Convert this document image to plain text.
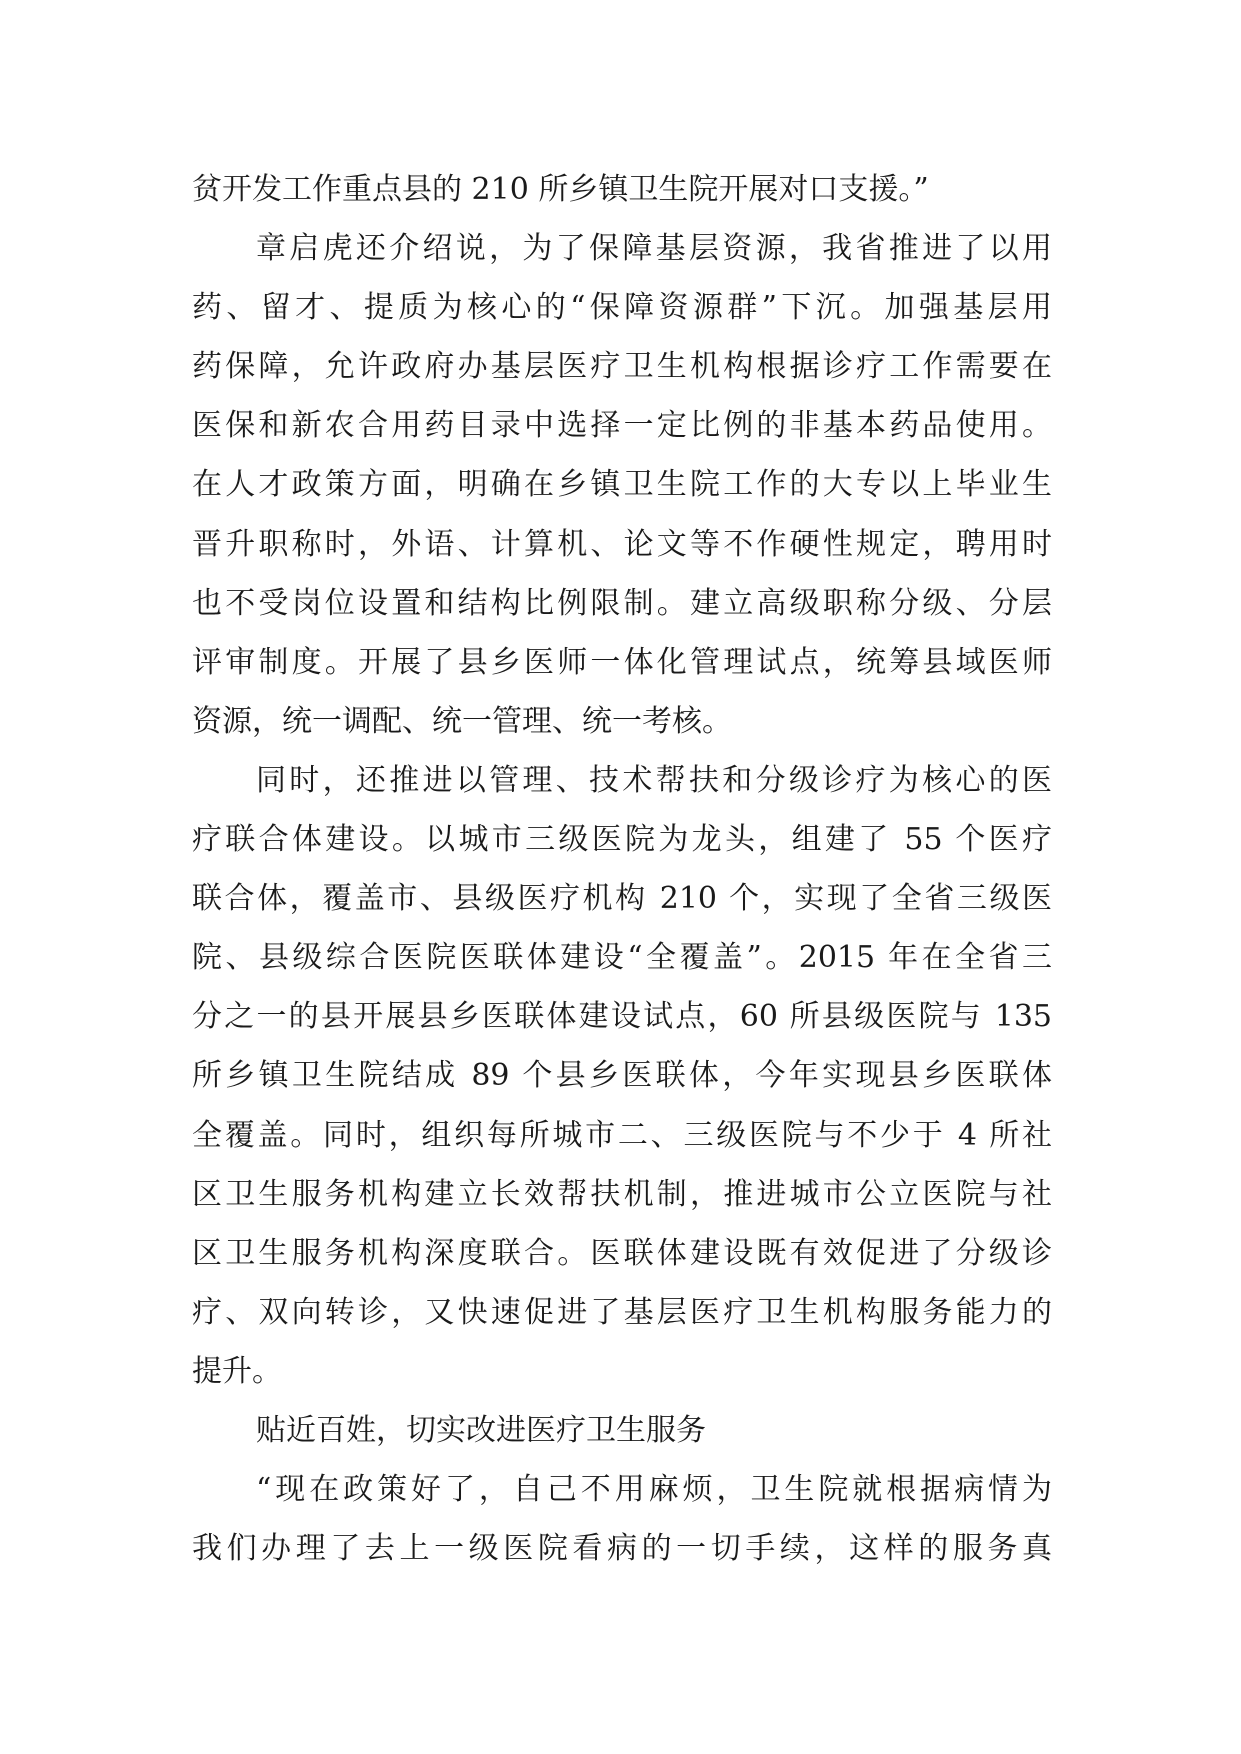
贫开发工作重点县的 210 所乡镇卫生院开展对口支援。”
章启虎还介绍说，为了保障基层资源，我省推进了以用
药、留才、提质为核心的“保障资源群”下沉。加强基层用
药保障，允许政府办基层医疗卫生机构根据诊疗工作需要在
医保和新农合用药目录中选择一定比例的非基本药品使用。
在人才政策方面，明确在乡镇卫生院工作的大专以上毕业生
晋升职称时，外语、计算机、论文等不作硬性规定，聘用时
也不受岗位设置和结构比例限制。建立高级职称分级、分层
评审制度。开展了县乡医师一体化管理试点，统筹县域医师
资源，统一调配、统一管理、统一考核。
同时，还推进以管理、技术帮扶和分级诊疗为核心的医
疗联合体建设。以城市三级医院为龙头，组建了 55 个医疗
联合体，覆盖市、县级医疗机构 210 个，实现了全省三级医
院、县级综合医院医联体建设“全覆盖”。2015 年在全省三
分之一的县开展县乡医联体建设试点，60 所县级医院与 135
所乡镇卫生院结成 89 个县乡医联体，今年实现县乡医联体
全覆盖。同时，组织每所城市二、三级医院与不少于 4 所社
区卫生服务机构建立长效帮扶机制，推进城市公立医院与社
区卫生服务机构深度联合。医联体建设既有效促进了分级诊
疗、双向转诊，又快速促进了基层医疗卫生机构服务能力的
提升。
贴近百姓，切实改进医疗卫生服务
“现在政策好了，自己不用麻烦，卫生院就根据病情为
我们办理了去上一级医院看病的一切手续，这样的服务真
